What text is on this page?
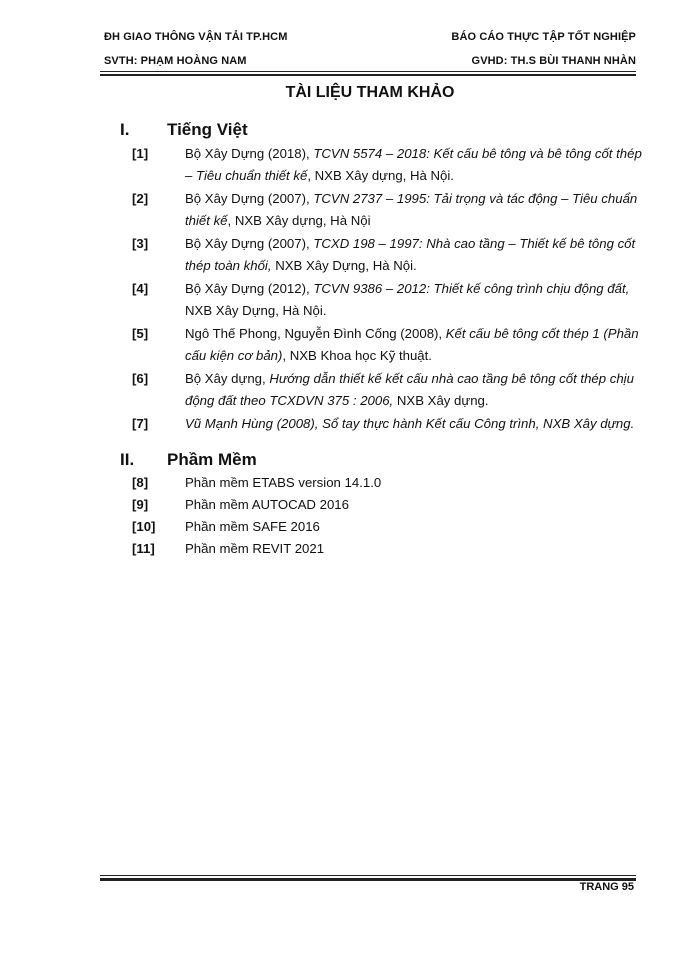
ĐH GIAO THÔNG VẬN TẢI TP.HCM	BÁO CÁO THỰC TẬP TỐT NGHIỆP
SVTH: PHẠM HOÀNG NAM	GVHD: TH.S BÙI THANH NHÀN
TÀI LIỆU THAM KHẢO
I.	Tiếng Việt
[1]	Bộ Xây Dựng (2018), TCVN 5574 – 2018: Kết cấu bê tông và bê tông cốt thép – Tiêu chuẩn thiết kế, NXB Xây dựng, Hà Nội.
[2]	Bộ Xây Dựng (2007), TCVN 2737 – 1995: Tải trọng và tác động – Tiêu chuẩn thiết kế, NXB Xây dựng, Hà Nội
[3]	Bộ Xây Dựng (2007), TCXD 198 – 1997: Nhà cao tầng – Thiết kế bê tông cốt thép toàn khối, NXB Xây Dựng, Hà Nội.
[4]	Bộ Xây Dựng (2012), TCVN 9386 – 2012: Thiết kế công trình chịu động đất, NXB Xây Dựng, Hà Nội.
[5]	Ngô Thế Phong, Nguyễn Đình Cống (2008), Kết cấu bê tông cốt thép 1 (Phần cấu kiện cơ bản), NXB Khoa học Kỹ thuật.
[6]	Bộ Xây dựng, Hướng dẫn thiết kế kết cấu nhà cao tầng bê tông cốt thép chịu động đất theo TCXDVN 375 : 2006, NXB Xây dựng.
[7]	Vũ Mạnh Hùng (2008), Sổ tay thực hành Kết cấu Công trình, NXB Xây dựng.
II.	Phầm Mềm
[8]	Phần mềm ETABS version 14.1.0
[9]	Phần mềm AUTOCAD 2016
[10] Phần mềm SAFE 2016
[11] Phần mềm REVIT 2021
TRANG 95
